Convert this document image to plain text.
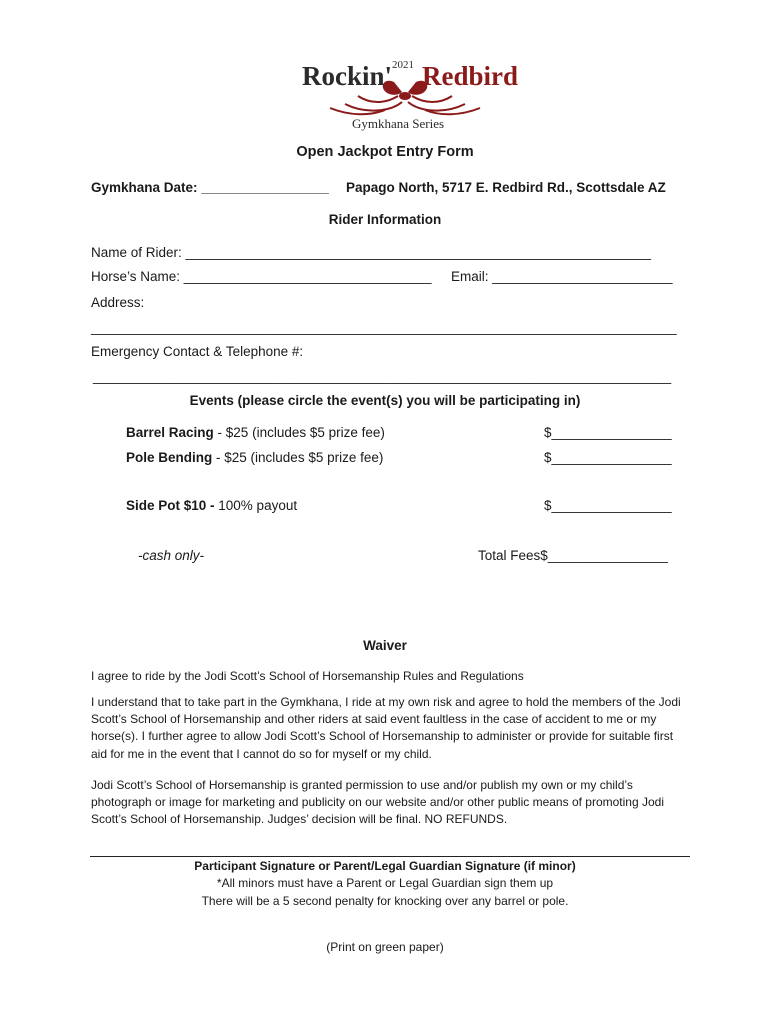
Rockin' 2021 Redbird
Gymkhana Series
Open Jackpot Entry Form
Gymkhana Date: _________________ Papago North, 5717 E. Redbird Rd., Scottsdale AZ
Rider Information
Name of Rider: ______________________________________________________________
Horse’s Name: _________________________________ Email: ________________________
Address:
______________________________________________________________________________
Emergency Contact & Telephone #:
_____________________________________________________________________________
Events (please circle the event(s) you will be participating in)
Barrel Racing - $25 (includes $5 prize fee)	$________________
Pole Bending - $25 (includes $5 prize fee)	$________________
Side Pot $10 - 100% payout	$________________
-cash only-	Total Fees$________________
Waiver
I agree to ride by the Jodi Scott’s School of Horsemanship Rules and Regulations
I understand that to take part in the Gymkhana, I ride at my own risk and agree to hold the members of the Jodi Scott’s School of Horsemanship and other riders at said event faultless in the case of accident to me or my horse(s). I further agree to allow Jodi Scott’s School of Horsemanship to administer or provide for suitable first aid for me in the event that I cannot do so for myself or my child.
Jodi Scott’s School of Horsemanship is granted permission to use and/or publish my own or my child’s photograph or image for marketing and publicity on our website and/or other public means of promoting Jodi Scott’s School of Horsemanship. Judges’ decision will be final. NO REFUNDS.
Participant Signature or Parent/Legal Guardian Signature (if minor)
*All minors must have a Parent or Legal Guardian sign them up
There will be a 5 second penalty for knocking over any barrel or pole.
(Print on green paper)
